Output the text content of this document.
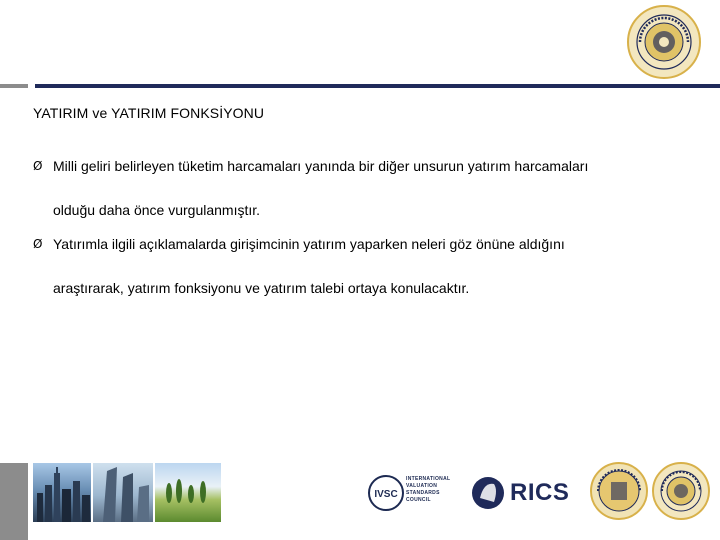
YATIRIM ve YATIRIM FONKSİYONU
Ø Milli geliri belirleyen tüketim harcamaları yanında bir diğer unsurun yatırım harcamaları

olduğu daha önce vurgulanmıştır.

Ø Yatırımla ilgili açıklamalarda girişimcinin yatırım yaparken neleri göz önüne aldığını

araştırarak, yatırım fonksiyonu ve yatırım talebi ortaya konulacaktır.

IVSC
INTERNATIONAL
VALUATION
STANDARDS
COUNCIL	RICS
